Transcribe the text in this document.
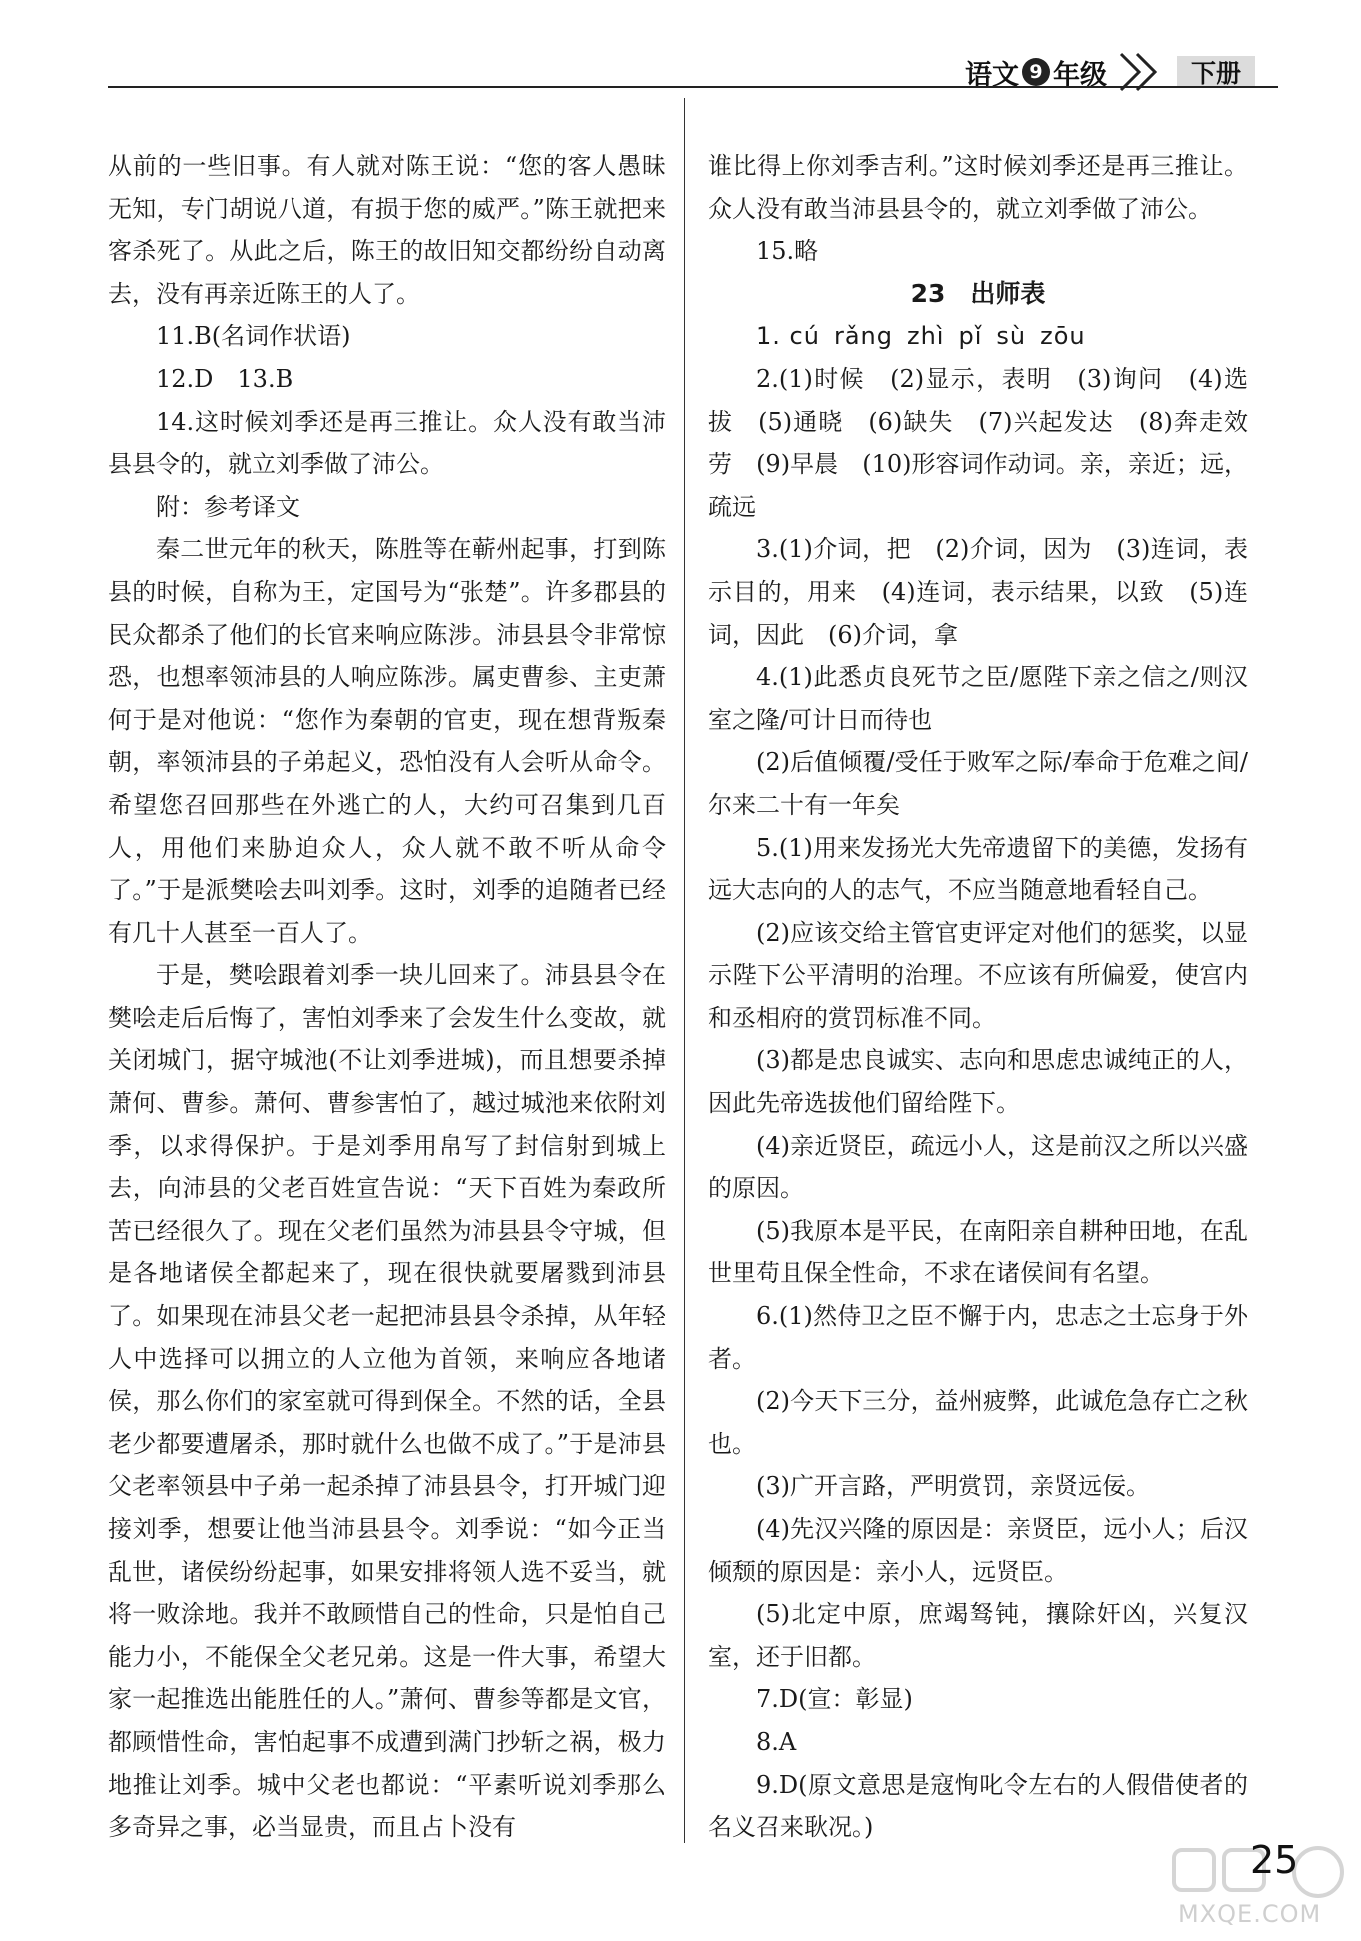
语文 9 年级	下册

从前的一些旧事。有人就对陈王说：“您的客人愚昧无知，专门胡说八道，有损于您的威严。”陈王就把来客杀死了。从此之后，陈王的故旧知交都纷纷自动离去，没有再亲近陈王的人了。

11.B(名词作状语)

12.D　13.B

14.这时候刘季还是再三推让。众人没有敢当沛县县令的，就立刘季做了沛公。

附：参考译文

秦二世元年的秋天，陈胜等在蕲州起事，打到陈县的时候，自称为王，定国号为“张楚”。许多郡县的民众都杀了他们的长官来响应陈涉。沛县县令非常惊恐，也想率领沛县的人响应陈涉。属吏曹参、主吏萧何于是对他说：“您作为秦朝的官吏，现在想背叛秦朝，率领沛县的子弟起义，恐怕没有人会听从命令。希望您召回那些在外逃亡的人，大约可召集到几百人，用他们来胁迫众人，众人就不敢不听从命令了。”于是派樊哙去叫刘季。这时，刘季的追随者已经有几十人甚至一百人了。

于是，樊哙跟着刘季一块儿回来了。沛县县令在樊哙走后后悔了，害怕刘季来了会发生什么变故，就关闭城门，据守城池(不让刘季进城)，而且想要杀掉萧何、曹参。萧何、曹参害怕了，越过城池来依附刘季，以求得保护。于是刘季用帛写了封信射到城上去，向沛县的父老百姓宣告说：“天下百姓为秦政所苦已经很久了。现在父老们虽然为沛县县令守城，但是各地诸侯全都起来了，现在很快就要屠戮到沛县了。如果现在沛县父老一起把沛县县令杀掉，从年轻人中选择可以拥立的人立他为首领，来响应各地诸侯，那么你们的家室就可得到保全。不然的话，全县老少都要遭屠杀，那时就什么也做不成了。”于是沛县父老率领县中子弟一起杀掉了沛县县令，打开城门迎接刘季，想要让他当沛县县令。刘季说：“如今正当乱世，诸侯纷纷起事，如果安排将领人选不妥当，就将一败涂地。我并不敢顾惜自己的性命，只是怕自己能力小，不能保全父老兄弟。这是一件大事，希望大家一起推选出能胜任的人。”萧何、曹参等都是文官，都顾惜性命，害怕起事不成遭到满门抄斩之祸，极力地推让刘季。城中父老也都说：“平素听说刘季那么多奇异之事，必当显贵，而且占卜没有

谁比得上你刘季吉利。”这时候刘季还是再三推让。众人没有敢当沛县县令的，就立刘季做了沛公。

15.略

23　出师表

1. cú rǎng zhì pǐ sù zōu

2.(1)时候　(2)显示，表明　(3)询问　(4)选拔　(5)通晓　(6)缺失　(7)兴起发达　(8)奔走效劳　(9)早晨　(10)形容词作动词。亲，亲近；远，疏远

3.(1)介词，把　(2)介词，因为　(3)连词，表示目的，用来　(4)连词，表示结果，以致　(5)连词，因此　(6)介词，拿

4.(1)此悉贞良死节之臣/愿陛下亲之信之/则汉室之隆/可计日而待也

(2)后值倾覆/受任于败军之际/奉命于危难之间/尔来二十有一年矣

5.(1)用来发扬光大先帝遗留下的美德，发扬有远大志向的人的志气，不应当随意地看轻自己。

(2)应该交给主管官吏评定对他们的惩奖，以显示陛下公平清明的治理。不应该有所偏爱，使宫内和丞相府的赏罚标准不同。

(3)都是忠良诚实、志向和思虑忠诚纯正的人，因此先帝选拔他们留给陛下。

(4)亲近贤臣，疏远小人，这是前汉之所以兴盛的原因。

(5)我原本是平民，在南阳亲自耕种田地，在乱世里苟且保全性命，不求在诸侯间有名望。

6.(1)然侍卫之臣不懈于内，忠志之士忘身于外者。

(2)今天下三分，益州疲弊，此诚危急存亡之秋也。

(3)广开言路，严明赏罚，亲贤远佞。

(4)先汉兴隆的原因是：亲贤臣，远小人；后汉倾颓的原因是：亲小人，远贤臣。

(5)北定中原，庶竭驽钝，攘除奸凶，兴复汉室，还于旧都。

7.D(宣：彰显)

8.A

9.D(原文意思是寇恂叱令左右的人假借使者的名义召来耿况。)

MXQE.COM
25
